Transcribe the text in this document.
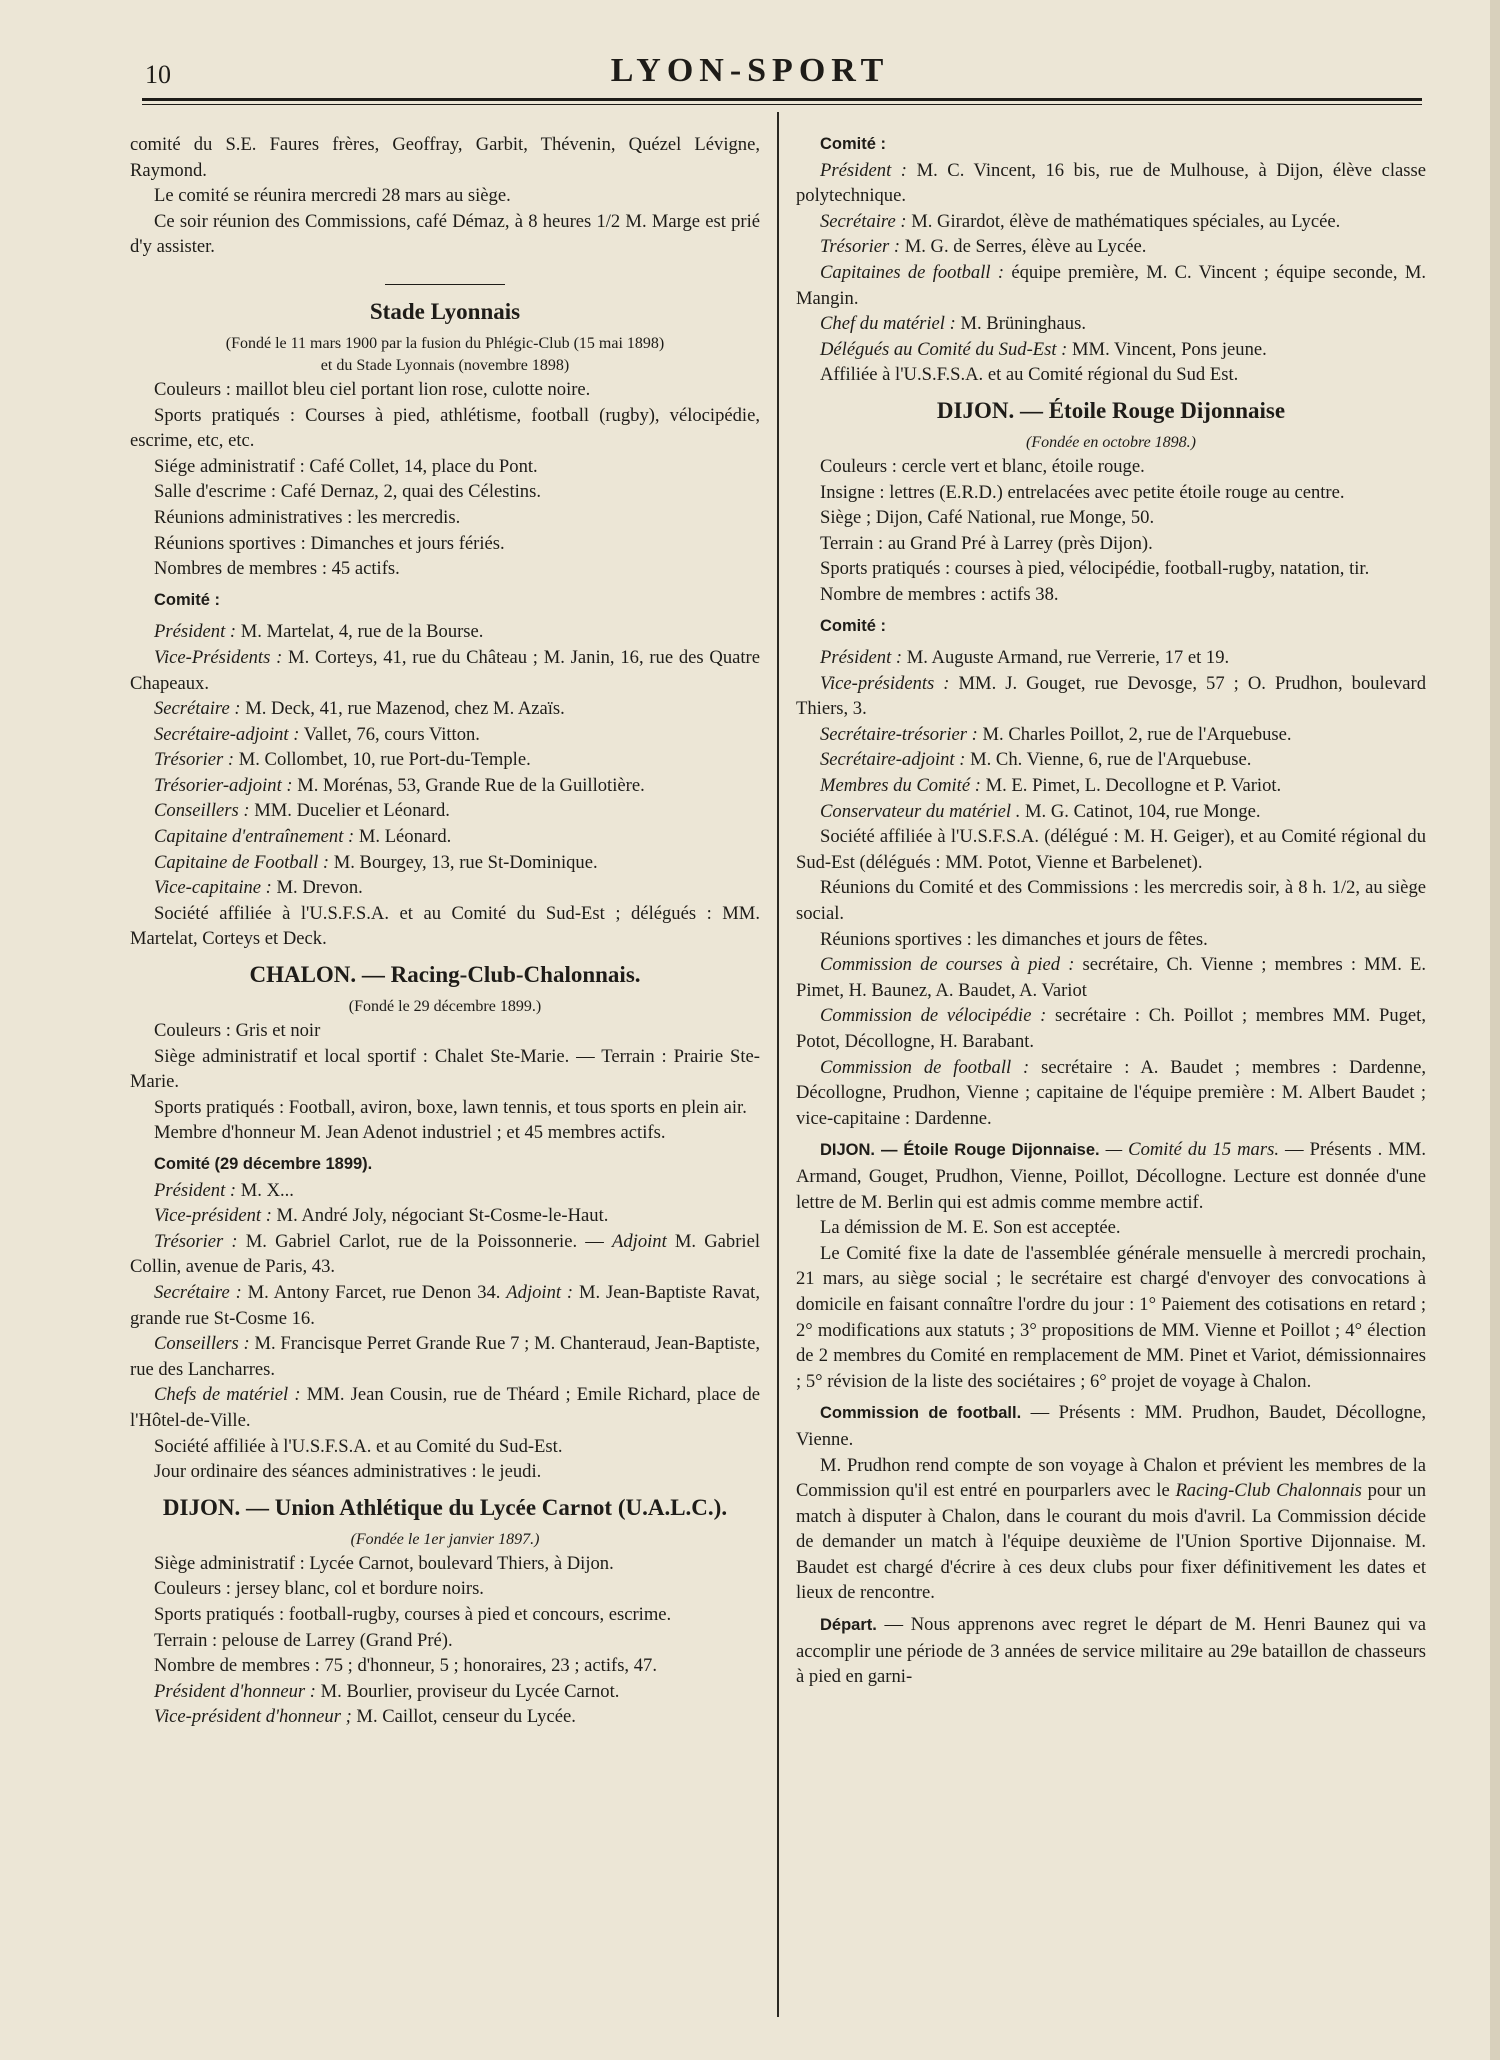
10	LYON-SPORT

comité du S.E. Faures frères, Geoffray, Garbit, Thévenin, Quézel Lévigne, Raymond.

Le comité se réunira mercredi 28 mars au siège.

Ce soir réunion des Commissions, café Démaz, à 8 heures 1/2 M. Marge est prié d'y assister.

Stade Lyonnais

(Fondé le 11 mars 1900 par la fusion du Phlégic-Club (15 mai 1898)

et du Stade Lyonnais (novembre 1898)

Couleurs : maillot bleu ciel portant lion rose, culotte noire.

Sports pratiqués : Courses à pied, athlétisme, football (rugby), vélocipédie, escrime, etc, etc.

Siége administratif : Café Collet, 14, place du Pont.

Salle d'escrime : Café Dernaz, 2, quai des Célestins.

Réunions administratives : les mercredis.

Réunions sportives : Dimanches et jours fériés.

Nombres de membres : 45 actifs.

Comité :

Président : M. Martelat, 4, rue de la Bourse.

Vice-Présidents : M. Corteys, 41, rue du Château ; M. Janin, 16, rue des Quatre Chapeaux.

Secrétaire : M. Deck, 41, rue Mazenod, chez M. Azaïs.

Secrétaire-adjoint : Vallet, 76, cours Vitton.

Trésorier : M. Collombet, 10, rue Port-du-Temple.

Trésorier-adjoint : M. Morénas, 53, Grande Rue de la Guillotière.

Conseillers : MM. Ducelier et Léonard.

Capitaine d'entraînement : M. Léonard.

Capitaine de Football : M. Bourgey, 13, rue St-Dominique.

Vice-capitaine : M. Drevon.

Société affiliée à l'U.S.F.S.A. et au Comité du Sud-Est ; délégués : MM. Martelat, Corteys et Deck.

CHALON. — Racing-Club-Chalonnais.

(Fondé le 29 décembre 1899.)

Couleurs : Gris et noir

Siège administratif et local sportif : Chalet Ste-Marie. — Terrain : Prairie Ste-Marie.

Sports pratiqués : Football, aviron, boxe, lawn tennis, et tous sports en plein air.

Membre d'honneur M. Jean Adenot industriel ; et 45 membres actifs.

Comité (29 décembre 1899).

Président : M. X...

Vice-président : M. André Joly, négociant St-Cosme-le-Haut.

Trésorier : M. Gabriel Carlot, rue de la Poissonnerie. — Adjoint M. Gabriel Collin, avenue de Paris, 43.

Secrétaire : M. Antony Farcet, rue Denon 34. Adjoint : M. Jean-Baptiste Ravat, grande rue St-Cosme 16.

Conseillers : M. Francisque Perret Grande Rue 7 ; M. Chanteraud, Jean-Baptiste, rue des Lancharres.

Chefs de matériel : MM. Jean Cousin, rue de Théard ; Emile Richard, place de l'Hôtel-de-Ville.

Société affiliée à l'U.S.F.S.A. et au Comité du Sud-Est.

Jour ordinaire des séances administratives : le jeudi.

DIJON. — Union Athlétique du Lycée Carnot (U.A.L.C.).

(Fondée le 1er janvier 1897.)

Siège administratif : Lycée Carnot, boulevard Thiers, à Dijon.

Couleurs : jersey blanc, col et bordure noirs.

Sports pratiqués : football-rugby, courses à pied et concours, escrime.

Terrain : pelouse de Larrey (Grand Pré).

Nombre de membres : 75 ; d'honneur, 5 ; honoraires, 23 ; actifs, 47.

Président d'honneur : M. Bourlier, proviseur du Lycée Carnot.

Vice-président d'honneur ; M. Caillot, censeur du Lycée.

Comité :

Président : M. C. Vincent, 16 bis, rue de Mulhouse, à Dijon, élève classe polytechnique.

Secrétaire : M. Girardot, élève de mathématiques spéciales, au Lycée.

Trésorier : M. G. de Serres, élève au Lycée.

Capitaines de football : équipe première, M. C. Vincent ; équipe seconde, M. Mangin.

Chef du matériel : M. Brüninghaus.

Délégués au Comité du Sud-Est : MM. Vincent, Pons jeune.

Affiliée à l'U.S.F.S.A. et au Comité régional du Sud Est.

DIJON. — Étoile Rouge Dijonnaise

(Fondée en octobre 1898.)

Couleurs : cercle vert et blanc, étoile rouge.

Insigne : lettres (E.R.D.) entrelacées avec petite étoile rouge au centre.

Siège ; Dijon, Café National, rue Monge, 50.

Terrain : au Grand Pré à Larrey (près Dijon).

Sports pratiqués : courses à pied, vélocipédie, football-rugby, natation, tir.

Nombre de membres : actifs 38.

Comité :

Président : M. Auguste Armand, rue Verrerie, 17 et 19.

Vice-présidents : MM. J. Gouget, rue Devosge, 57 ; O. Prudhon, boulevard Thiers, 3.

Secrétaire-trésorier : M. Charles Poillot, 2, rue de l'Arquebuse.

Secrétaire-adjoint : M. Ch. Vienne, 6, rue de l'Arquebuse.

Membres du Comité : M. E. Pimet, L. Decollogne et P. Variot.

Conservateur du matériel . M. G. Catinot, 104, rue Monge.

Société affiliée à l'U.S.F.S.A. (délégué : M. H. Geiger), et au Comité régional du Sud-Est (délégués : MM. Potot, Vienne et Barbelenet).

Réunions du Comité et des Commissions : les mercredis soir, à 8 h. 1/2, au siège social.

Réunions sportives : les dimanches et jours de fêtes.

Commission de courses à pied : secrétaire, Ch. Vienne ; membres : MM. E. Pimet, H. Baunez, A. Baudet, A. Variot

Commission de vélocipédie : secrétaire : Ch. Poillot ; membres MM. Puget, Potot, Décollogne, H. Barabant.

Commission de football : secrétaire : A. Baudet ; membres : Dardenne, Décollogne, Prudhon, Vienne ; capitaine de l'équipe première : M. Albert Baudet ; vice-capitaine : Dardenne.

DIJON. — Étoile Rouge Dijonnaise. — Comité du 15 mars. — Présents . MM. Armand, Gouget, Prudhon, Vienne, Poillot, Décollogne. Lecture est donnée d'une lettre de M. Berlin qui est admis comme membre actif.

La démission de M. E. Son est acceptée.

Le Comité fixe la date de l'assemblée générale mensuelle à mercredi prochain, 21 mars, au siège social ; le secrétaire est chargé d'envoyer des convocations à domicile en faisant connaître l'ordre du jour : 1° Paiement des cotisations en retard ; 2° modifications aux statuts ; 3° propositions de MM. Vienne et Poillot ; 4° élection de 2 membres du Comité en remplacement de MM. Pinet et Variot, démissionnaires ; 5° révision de la liste des sociétaires ; 6° projet de voyage à Chalon.

Commission de football. — Présents : MM. Prudhon, Baudet, Décollogne, Vienne.

M. Prudhon rend compte de son voyage à Chalon et prévient les membres de la Commission qu'il est entré en pourparlers avec le Racing-Club Chalonnais pour un match à disputer à Chalon, dans le courant du mois d'avril. La Commission décide de demander un match à l'équipe deuxième de l'Union Sportive Dijonnaise. M. Baudet est chargé d'écrire à ces deux clubs pour fixer définitivement les dates et lieux de rencontre.

Départ. — Nous apprenons avec regret le départ de M. Henri Baunez qui va accomplir une période de 3 années de service militaire au 29e bataillon de chasseurs à pied en garni-
